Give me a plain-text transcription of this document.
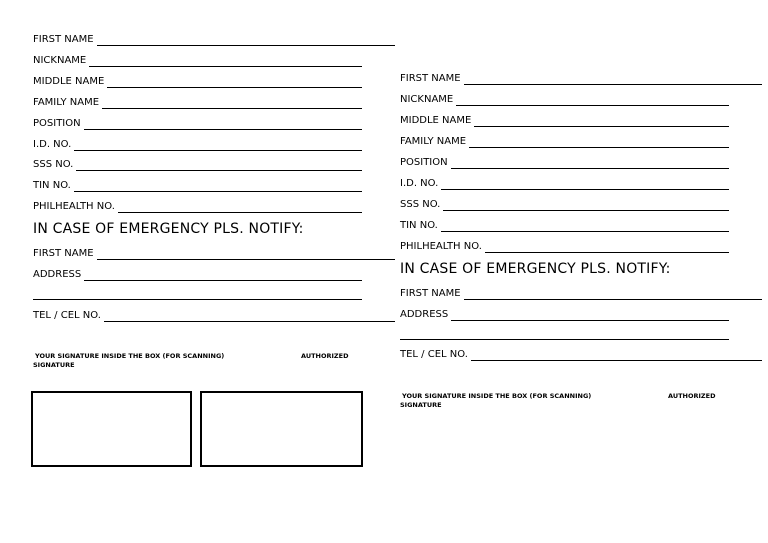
FIRST NAME
NICKNAME
MIDDLE NAME
FAMILY NAME
POSITION
I.D. NO.
SSS NO.
TIN NO.
PHILHEALTH NO.
IN CASE OF EMERGENCY PLS. NOTIFY:
FIRST NAME
ADDRESS
TEL / CEL NO.
YOUR SIGNATURE INSIDE THE BOX (FOR SCANNING)	AUTHORIZED
SIGNATURE
FIRST NAME
NICKNAME
MIDDLE NAME
FAMILY NAME
POSITION
I.D. NO.
SSS NO.
TIN NO.
PHILHEALTH NO.
IN CASE OF EMERGENCY PLS. NOTIFY:
FIRST NAME
ADDRESS
TEL / CEL NO.
YOUR SIGNATURE INSIDE THE BOX (FOR SCANNING)	AUTHORIZED
SIGNATURE
